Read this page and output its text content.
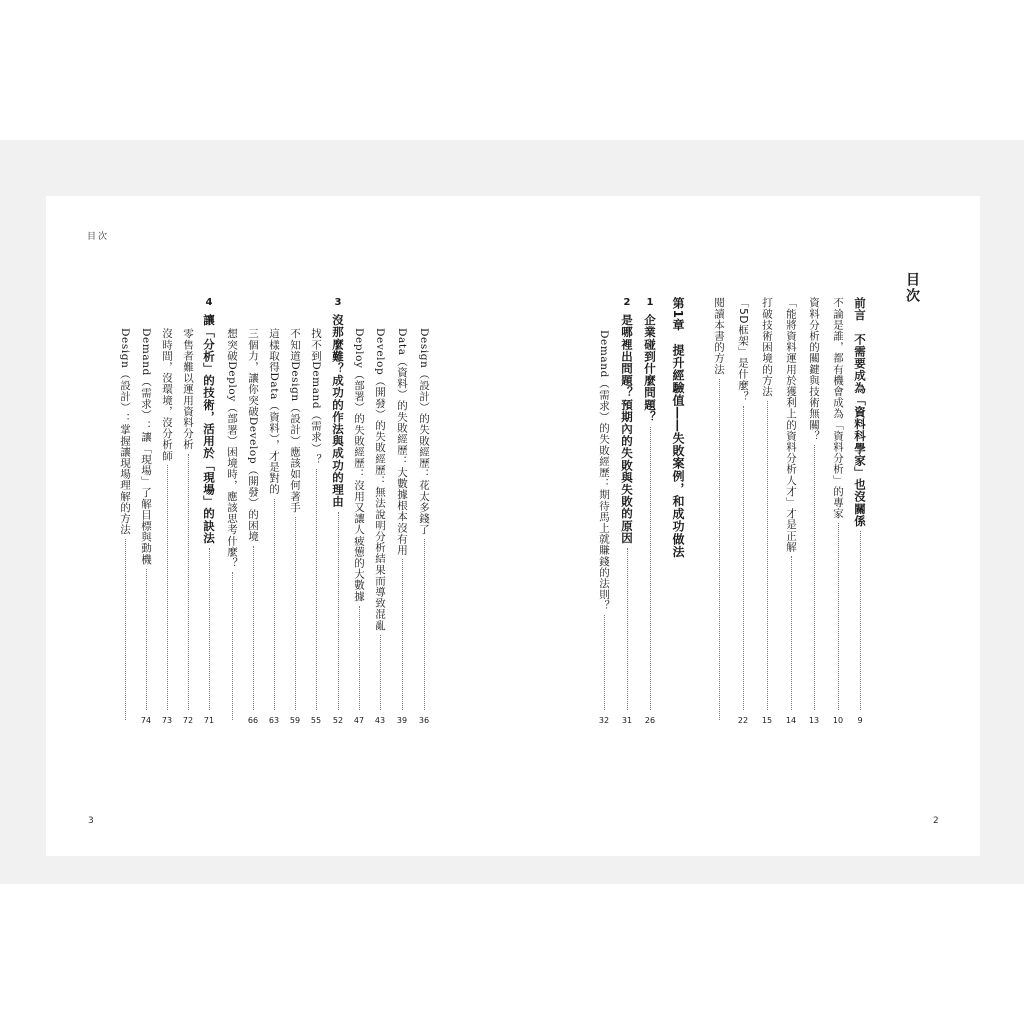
目次
3	2
目次
前言　不需要成為「資料科學家」也沒關係
9
不論是誰，都有機會成為「資料分析」的專家
10
資料分析的關鍵與技術無關？
13
「能將資料運用於獲利上的資料分析人才」才是正解
14
打破技術困境的方法
15
「5D框架」是什麼？
22
閱讀本書的方法
第1章　提升經驗值――失敗案例，和成功做法
1
企業碰到什麼問題？
26
2
是哪裡出問題？預期內的失敗與失敗的原因
31
Demand（需求）的失敗經歷：期待馬上就賺錢的法則？
32
Design（設計）的失敗經歷：花太多錢了
36
Data（資料）的失敗經歷：大數據根本沒有用
39
Develop（開發）的失敗經歷：無法說明分析結果而導致混亂
43
Deploy（部署）的失敗經歷：沒用又讓人疲憊的大數據
47
3
沒那麼難？成功的作法與成功的理由
52
找不到Demand（需求）？
55
不知道Design（設計）應該如何著手
59
這樣取得Data（資料），才是對的
63
三個力，讓你突破Develop（開發）的困境
66
想突破Deploy（部署）困境時，應該思考什麼？
4
讓「分析」的技術，活用於「現場」的訣法
71
零售者難以運用資料分析
72
沒時間，沒環境，沒分析師
73
Demand（需求）：讓「現場」了解目標與動機
74
Design（設計）：掌握讓現場理解的方法
